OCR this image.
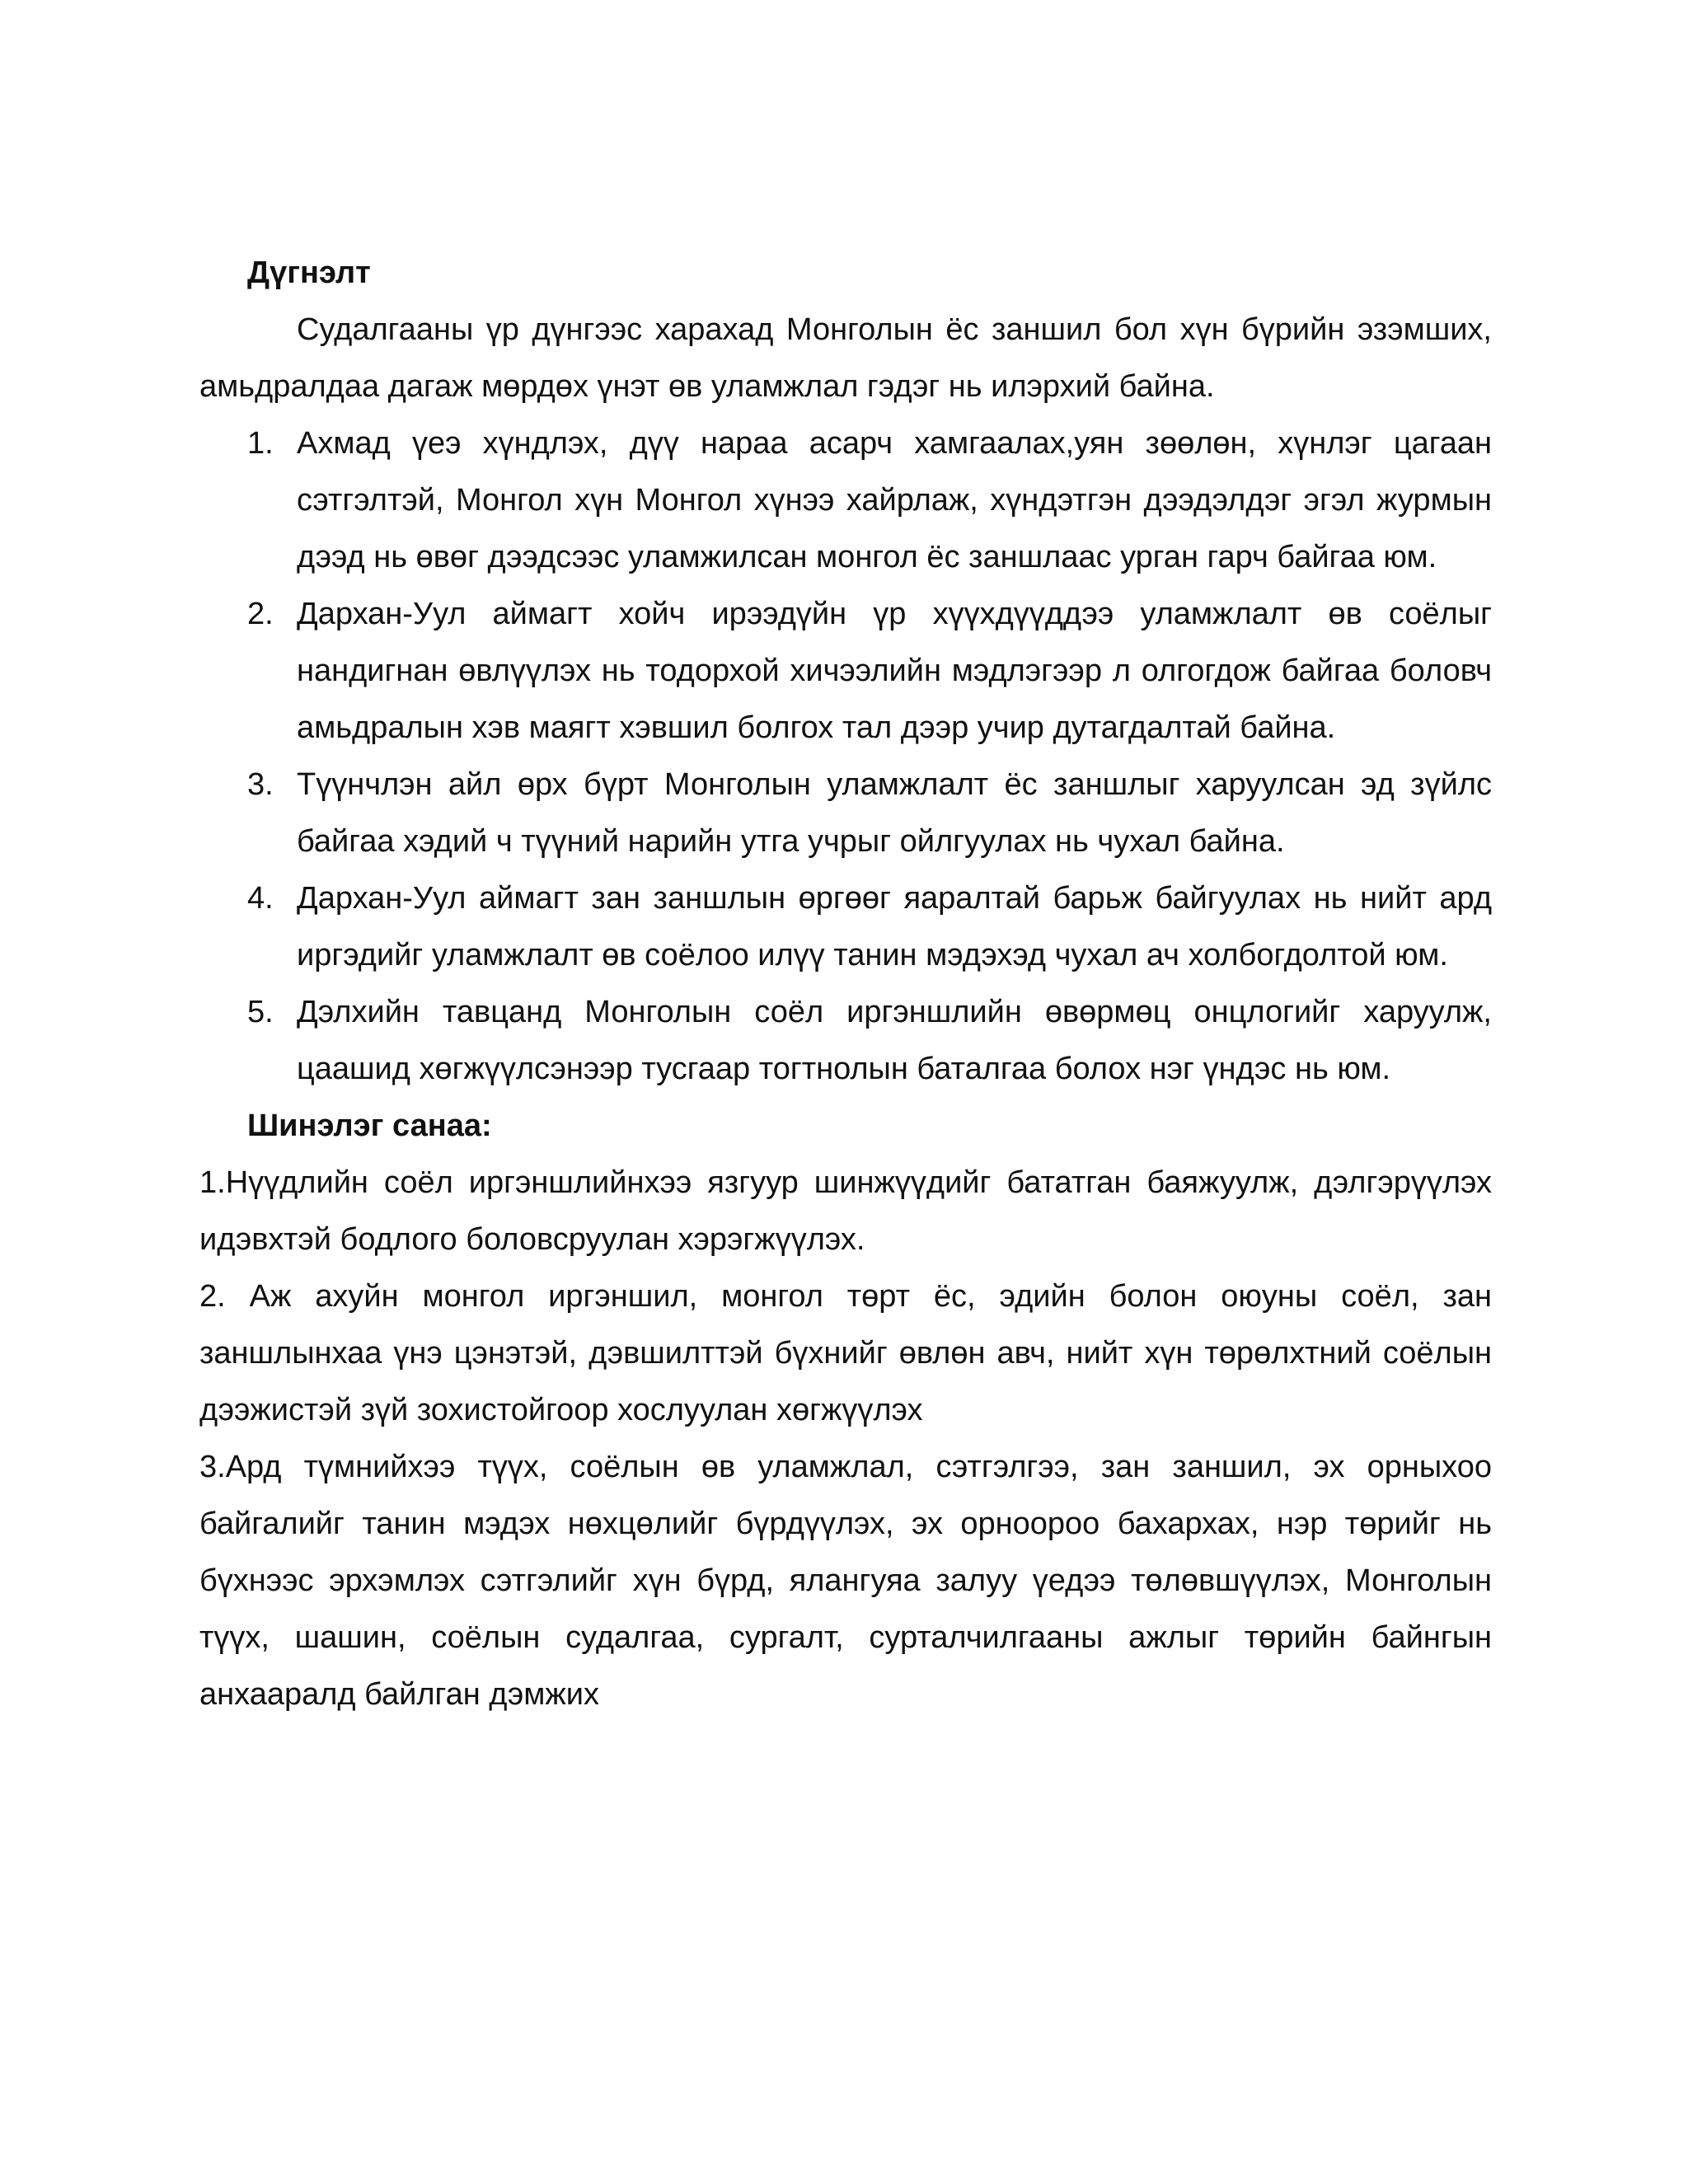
Дүгнэлт

Судалгааны үр дүнгээс харахад Монголын ёс заншил бол хүн бүрийн эзэмших, амьдралдаа дагаж мөрдөх үнэт өв уламжлал гэдэг нь илэрхий байна.

1. Ахмад үеэ хүндлэх, дүү нараа асарч хамгаалах,уян зөөлөн, хүнлэг цагаан сэтгэлтэй, Монгол хүн Монгол хүнээ хайрлаж, хүндэтгэн дээдэлдэг эгэл журмын дээд нь өвөг дээдсээс уламжилсан монгол ёс заншлаас урган гарч байгаа юм.
2. Дархан-Уул аймагт хойч ирээдүйн үр хүүхдүүддээ уламжлалт өв соёлыг нандигнан өвлүүлэх нь тодорхой хичээлийн мэдлэгээр л олгогдож байгаа боловч амьдралын хэв маягт хэвшил болгох тал дээр учир дутагдалтай байна.
3. Түүнчлэн айл өрх бүрт Монголын уламжлалт ёс заншлыг харуулсан эд зүйлс байгаа хэдий ч түүний нарийн утга учрыг ойлгуулах нь чухал байна.
4. Дархан-Уул аймагт зан заншлын өргөөг яаралтай барьж байгуулах нь нийт ард иргэдийг уламжлалт өв соёлоо илүү танин мэдэхэд чухал ач холбогдолтой юм.
5. Дэлхийн тавцанд Монголын соёл иргэншлийн өвөрмөц онцлогийг харуулж, цаашид хөгжүүлсэнээр тусгаар тогтнолын баталгаа болох нэг үндэс нь юм.
Шинэлэг санаа:

1.Нүүдлийн соёл иргэншлийнхээ язгуур шинжүүдийг бататган баяжуулж, дэлгэрүүлэх идэвхтэй бодлого боловсруулан хэрэгжүүлэх.

2. Аж ахуйн монгол иргэншил, монгол төрт ёс, эдийн болон оюуны соёл, зан заншлынхаа үнэ цэнэтэй, дэвшилттэй бүхнийг өвлөн авч, нийт хүн төрөлхтний соёлын дээжистэй зүй зохистойгоор хослуулан хөгжүүлэх

3.Ард түмнийхээ түүх, соёлын өв уламжлал, сэтгэлгээ, зан заншил, эх орныхоо байгалийг танин мэдэх нөхцөлийг бүрдүүлэх, эх орноороо бахархах, нэр төрийг нь бүхнээс эрхэмлэх сэтгэлийг хүн бүрд, ялангуяа залуу үедээ төлөвшүүлэх, Монголын түүх, шашин, соёлын судалгаа, сургалт, сурталчилгааны ажлыг төрийн байнгын анхааралд байлган дэмжих
